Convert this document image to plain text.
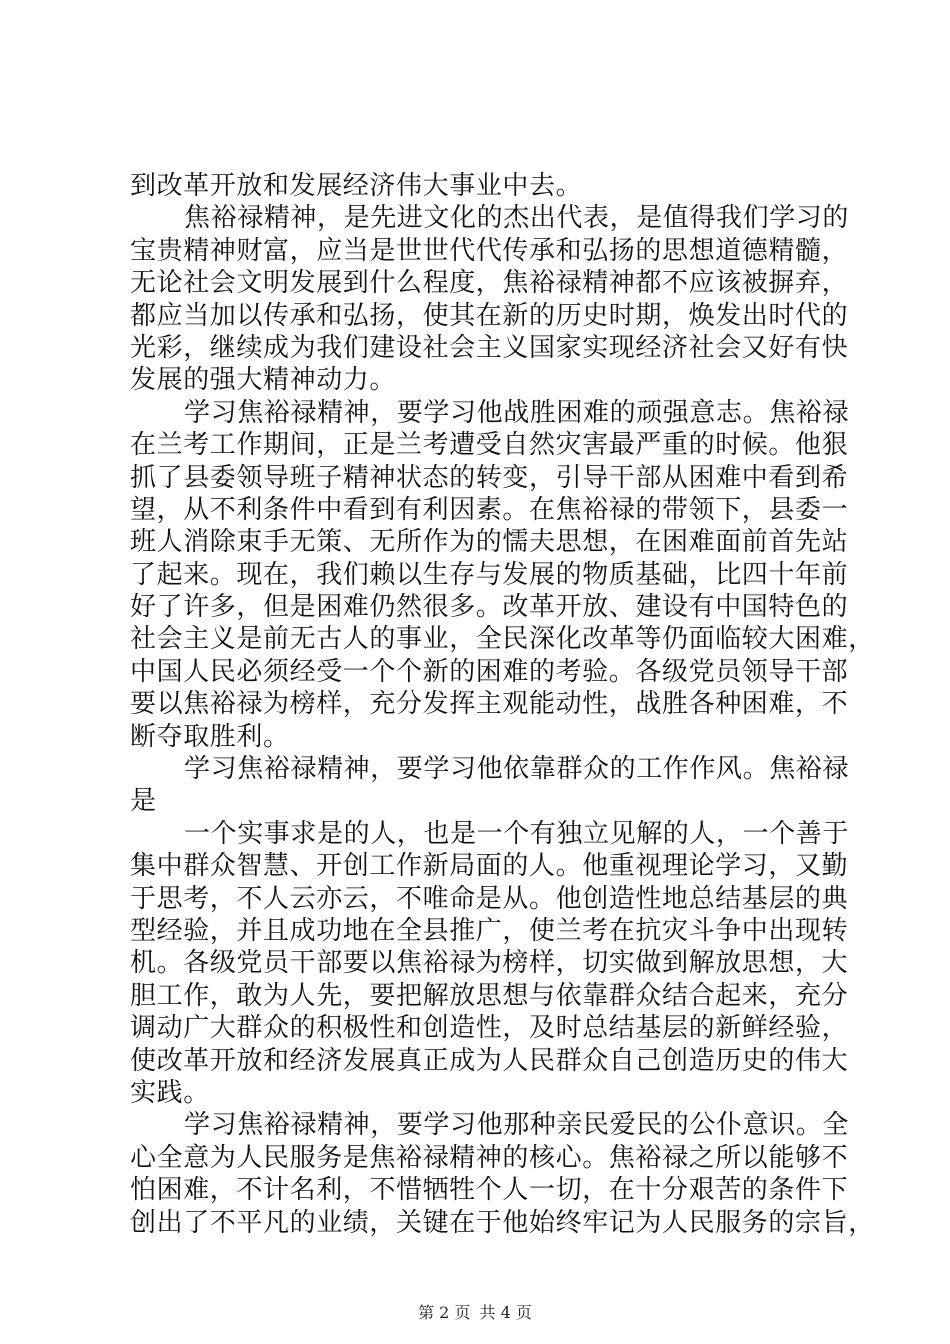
到改革开放和发展经济伟大事业中去。
焦裕禄精神，是先进文化的杰出代表，是值得我们学习的
宝贵精神财富，应当是世世代代传承和弘扬的思想道德精髓，
无论社会文明发展到什么程度，焦裕禄精神都不应该被摒弃，
都应当加以传承和弘扬，使其在新的历史时期，焕发出时代的
光彩，继续成为我们建设社会主义国家实现经济社会又好有快
发展的强大精神动力。
学习焦裕禄精神，要学习他战胜困难的顽强意志。焦裕禄
在兰考工作期间，正是兰考遭受自然灾害最严重的时候。他狠
抓了县委领导班子精神状态的转变，引导干部从困难中看到希
望，从不利条件中看到有利因素。在焦裕禄的带领下，县委一
班人消除束手无策、无所作为的懦夫思想，在困难面前首先站
了起来。现在，我们赖以生存与发展的物质基础，比四十年前
好了许多，但是困难仍然很多。改革开放、建设有中国特色的
社会主义是前无古人的事业，全民深化改革等仍面临较大困难，
中国人民必须经受一个个新的困难的考验。各级党员领导干部
要以焦裕禄为榜样，充分发挥主观能动性，战胜各种困难，不
断夺取胜利。
学习焦裕禄精神，要学习他依靠群众的工作作风。焦裕禄
是
一个实事求是的人，也是一个有独立见解的人，一个善于
集中群众智慧、开创工作新局面的人。他重视理论学习，又勤
于思考，不人云亦云，不唯命是从。他创造性地总结基层的典
型经验，并且成功地在全县推广，使兰考在抗灾斗争中出现转
机。各级党员干部要以焦裕禄为榜样，切实做到解放思想，大
胆工作，敢为人先，要把解放思想与依靠群众结合起来，充分
调动广大群众的积极性和创造性，及时总结基层的新鲜经验，
使改革开放和经济发展真正成为人民群众自己创造历史的伟大
实践。
学习焦裕禄精神，要学习他那种亲民爱民的公仆意识。全
心全意为人民服务是焦裕禄精神的核心。焦裕禄之所以能够不
怕困难，不计名利，不惜牺牲个人一切，在十分艰苦的条件下
创出了不平凡的业绩，关键在于他始终牢记为人民服务的宗旨，
第 2 页 共 4 页
